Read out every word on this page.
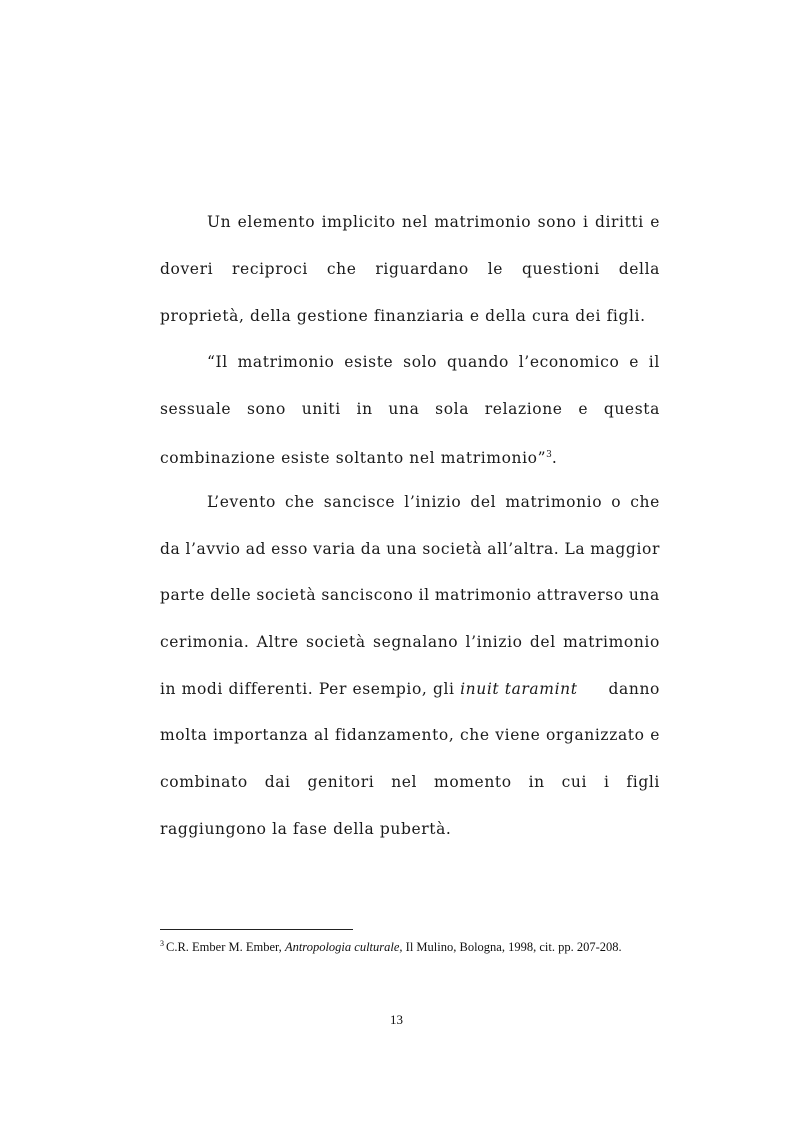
Un elemento implicito nel matrimonio sono i diritti e
doveri reciproci che riguardano le questioni della
proprietà, della gestione finanziaria e della cura dei figli.
“Il matrimonio esiste solo quando l’economico e il
sessuale sono uniti in una sola relazione e questa
combinazione esiste soltanto nel matrimonio”$^3$.
L’evento che sancisce l’inizio del matrimonio o che
da l’avvio ad esso varia da una società all’altra. La maggior
parte delle società sanciscono il matrimonio attraverso una
cerimonia. Altre società segnalano l’inizio del matrimonio
in modi differenti. Per esempio, gli inuit taramint danno
molta importanza al fidanzamento, che viene organizzato e
combinato dai genitori nel momento in cui i figli
raggiungono la fase della pubertà.
$^3$ C.R. Ember M. Ember, Antropologia culturale, Il Mulino, Bologna, 1998, cit. pp. 207-208.
13
